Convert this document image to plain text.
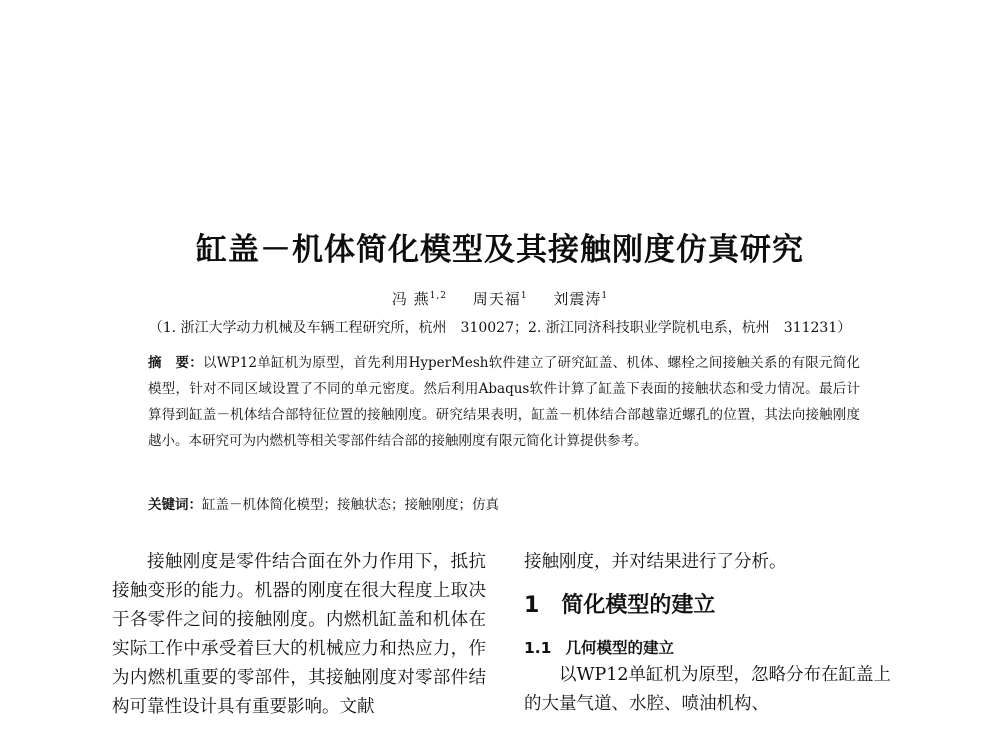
缸盖－机体简化模型及其接触刚度仿真研究
冯 燕$^{1,2}$ 周天福$^1$ 刘震涛$^1$
（1. 浙江大学动力机械及车辆工程研究所，杭州　310027；2. 浙江同济科技职业学院机电系，杭州　311231）

摘　要：以WP12单缸机为原型，首先利用HyperMesh软件建立了研究缸盖、机体、螺栓之间接触关系的有限元简化模型，针对不同区域设置了不同的单元密度。然后利用Abaqus软件计算了缸盖下表面的接触状态和受力情况。最后计算得到缸盖－机体结合部特征位置的接触刚度。研究结果表明，缸盖－机体结合部越靠近螺孔的位置，其法向接触刚度越小。本研究可为内燃机等相关零部件结合部的接触刚度有限元简化计算提供参考。

关键词：缸盖－机体简化模型；接触状态；接触刚度；仿真

接触刚度是零件结合面在外力作用下，抵抗接触变形的能力。机器的刚度在很大程度上取决于各零件之间的接触刚度。内燃机缸盖和机体在实际工作中承受着巨大的机械应力和热应力，作为内燃机重要的零部件，其接触刚度对零部件结构可靠性设计具有重要影响。文献

接触刚度，并对结果进行了分析。

1 简化模型的建立
1.1 几何模型的建立

以WP12单缸机为原型，忽略分布在缸盖上的大量气道、水腔、喷油机构、
